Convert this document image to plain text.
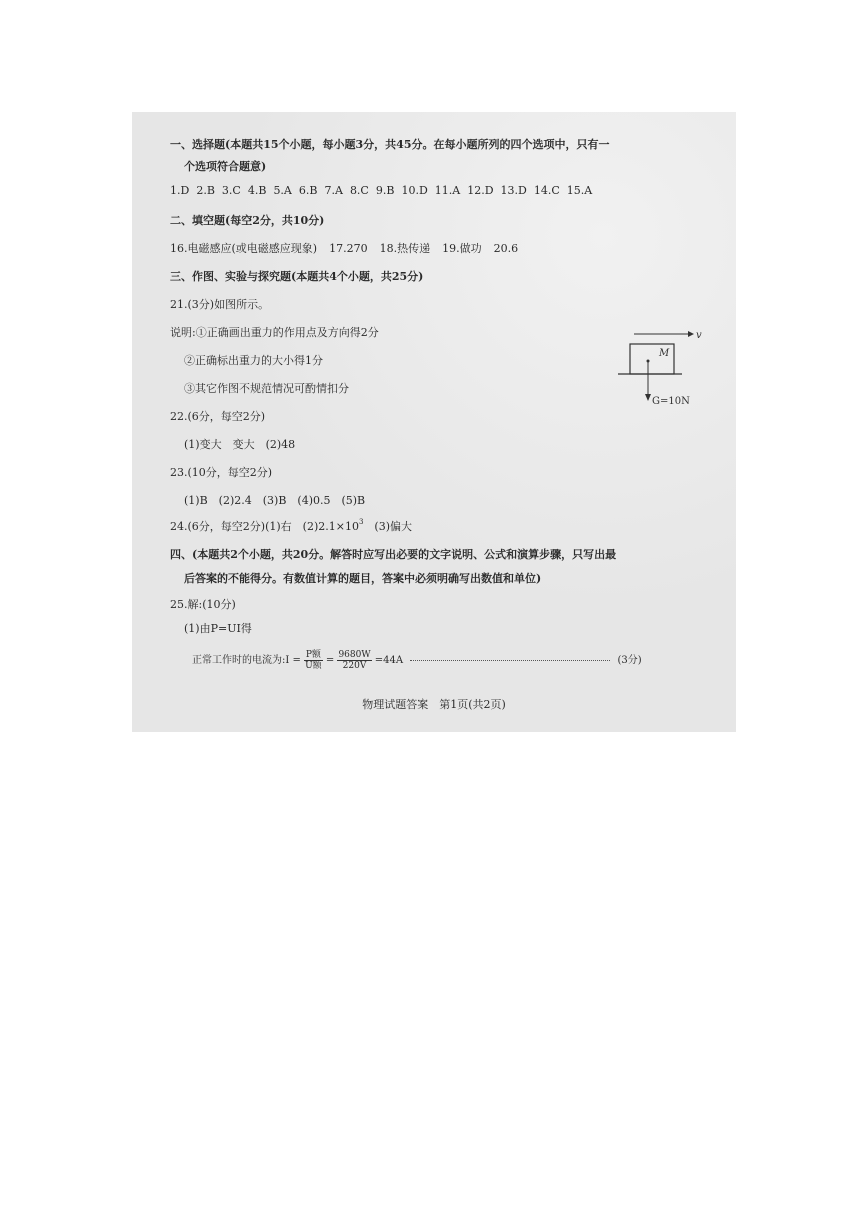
一、选择题(本题共15个小题，每小题3分，共45分。在每小题所列的四个选项中，只有一
个选项符合题意)
1.D 2.B 3.C 4.B 5.A 6.B 7.A 8.C 9.B 10.D 11.A 12.D 13.D 14.C 15.A
二、填空题(每空2分，共10分)
16.电磁感应(或电磁感应现象) 17.270 18.热传递 19.做功 20.6
三、作图、实验与探究题(本题共4个小题，共25分)
21.(3分)如图所示。
说明:①正确画出重力的作用点及方向得2分
②正确标出重力的大小得1分
③其它作图不规范情况可酌情扣分
v
M
G=10N
22.(6分，每空2分)
(1)变大　变大　(2)48
23.(10分，每空2分)
(1)B　(2)2.4　(3)B　(4)0.5　(5)B
24.(6分，每空2分)(1)右　$(2)2.1\times 10^3$　(3)偏大
四、(本题共2个小题，共20分。解答时应写出必要的文字说明、公式和演算步骤，只写出最
后答案的不能得分。有数值计算的题目，答案中必须明确写出数值和单位)
25.解:(10分)
(1)由P=UI得
正常工作时的电流为:I = $\frac{\text{P额}}{\text{U额}} = \frac{9680W}{220V} =44A$	(3分)
物理试题答案　第1页(共2页)
